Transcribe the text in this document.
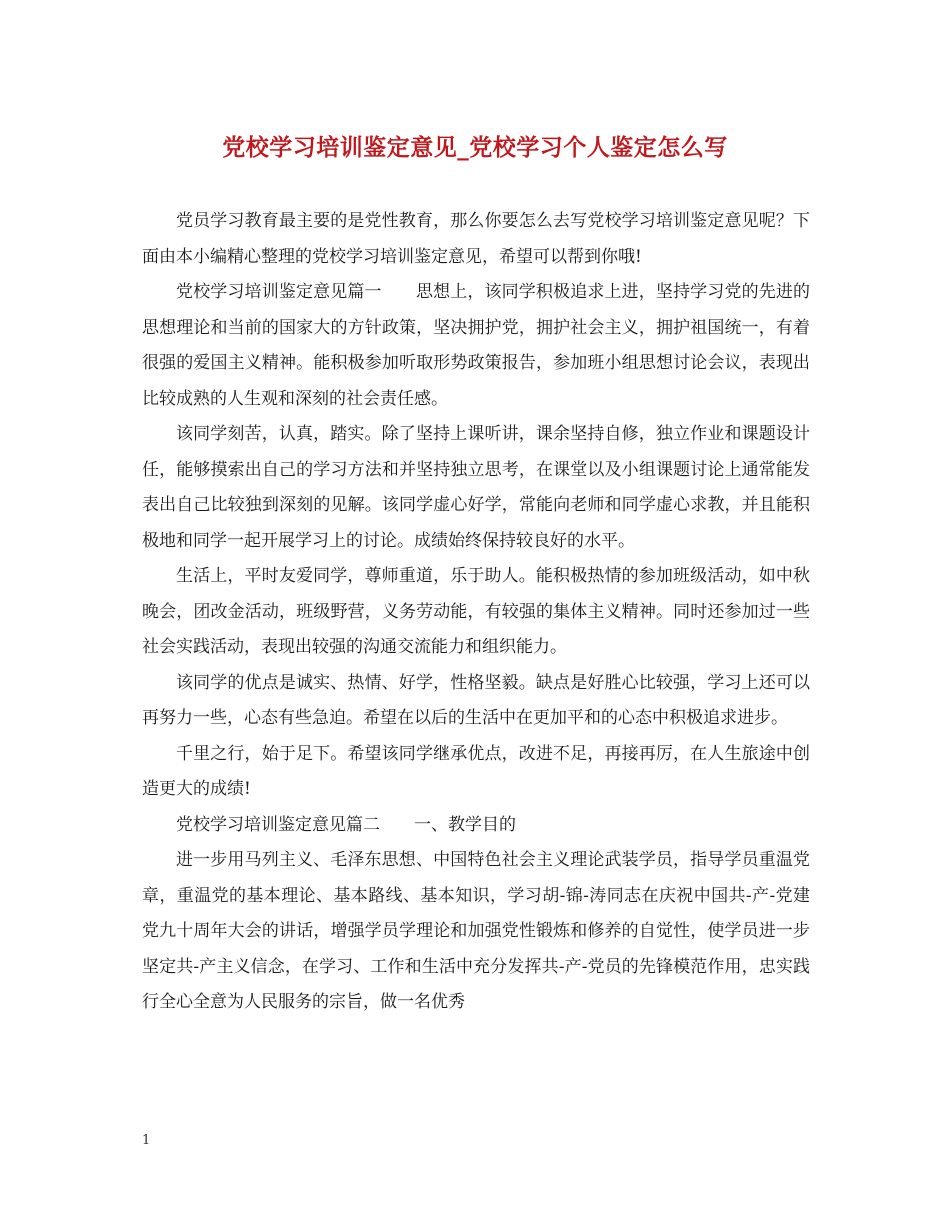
党校学习培训鉴定意见_党校学习个人鉴定怎么写

党员学习教育最主要的是党性教育，那么你要怎么去写党校学习培训鉴定意见呢？下面由本小编精心整理的党校学习培训鉴定意见，希望可以帮到你哦!

党校学习培训鉴定意见篇一　　思想上，该同学积极追求上进，坚持学习党的先进的思想理论和当前的国家大的方针政策，坚决拥护党，拥护社会主义，拥护祖国统一，有着很强的爱国主义精神。能积极参加听取形势政策报告，参加班小组思想讨论会议，表现出比较成熟的人生观和深刻的社会责任感。

该同学刻苦，认真，踏实。除了坚持上课听讲，课余坚持自修，独立作业和课题设计任，能够摸索出自己的学习方法和并坚持独立思考，在课堂以及小组课题讨论上通常能发表出自己比较独到深刻的见解。该同学虚心好学，常能向老师和同学虚心求教，并且能积极地和同学一起开展学习上的讨论。成绩始终保持较良好的水平。

生活上，平时友爱同学，尊师重道，乐于助人。能积极热情的参加班级活动，如中秋晚会，团改金活动，班级野营，义务劳动能，有较强的集体主义精神。同时还参加过一些社会实践活动，表现出较强的沟通交流能力和组织能力。

该同学的优点是诚实、热情、好学，性格坚毅。缺点是好胜心比较强，学习上还可以再努力一些，心态有些急迫。希望在以后的生活中在更加平和的心态中积极追求进步。

千里之行，始于足下。希望该同学继承优点，改进不足，再接再厉，在人生旅途中创造更大的成绩!

党校学习培训鉴定意见篇二　　一、教学目的

进一步用马列主义、毛泽东思想、中国特色社会主义理论武装学员，指导学员重温党章，重温党的基本理论、基本路线、基本知识，学习胡-锦-涛同志在庆祝中国共-产-党建党九十周年大会的讲话，增强学员学理论和加强党性锻炼和修养的自觉性，使学员进一步坚定共-产主义信念，在学习、工作和生活中充分发挥共-产-党员的先锋模范作用，忠实践行全心全意为人民服务的宗旨，做一名优秀

1
